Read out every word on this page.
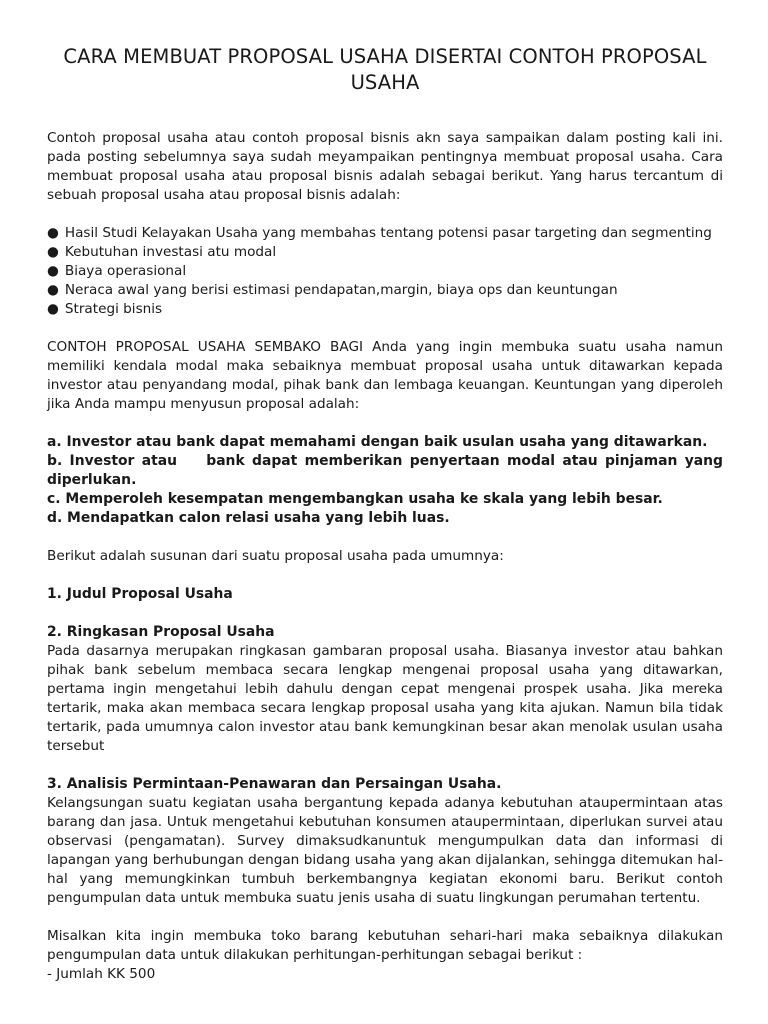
CARA MEMBUAT PROPOSAL USAHA DISERTAI CONTOH PROPOSAL USAHA

Contoh proposal usaha atau contoh proposal bisnis akn saya sampaikan dalam posting kali ini. pada posting sebelumnya saya sudah meyampaikan pentingnya membuat proposal usaha. Cara membuat proposal usaha atau proposal bisnis adalah sebagai berikut. Yang harus tercantum di sebuah proposal usaha atau proposal bisnis adalah:

● Hasil Studi Kelayakan Usaha yang membahas tentang potensi pasar targeting dan segmenting
● Kebutuhan investasi atu modal
● Biaya operasional
● Neraca awal yang berisi estimasi pendapatan,margin, biaya ops dan keuntungan
● Strategi bisnis

CONTOH PROPOSAL USAHA SEMBAKO BAGI Anda yang ingin membuka suatu usaha namun memiliki kendala modal maka sebaiknya membuat proposal usaha untuk ditawarkan kepada investor atau penyandang modal, pihak bank dan lembaga keuangan. Keuntungan yang diperoleh jika Anda mampu menyusun proposal adalah:

a. Investor atau bank dapat memahami dengan baik usulan usaha yang ditawarkan.
b. Investor atau    bank dapat memberikan penyertaan modal atau pinjaman yang diperlukan.
c. Memperoleh kesempatan mengembangkan usaha ke skala yang lebih besar.
d. Mendapatkan calon relasi usaha yang lebih luas.

Berikut adalah susunan dari suatu proposal usaha pada umumnya:

1. Judul Proposal Usaha

2. Ringkasan Proposal Usaha

Pada dasarnya merupakan ringkasan gambaran proposal usaha. Biasanya investor atau bahkan pihak bank sebelum membaca secara lengkap mengenai proposal usaha yang ditawarkan, pertama ingin mengetahui lebih dahulu dengan cepat mengenai prospek usaha. Jika mereka tertarik, maka akan membaca secara lengkap proposal usaha yang kita ajukan. Namun bila tidak tertarik, pada umumnya calon investor atau bank kemungkinan besar akan menolak usulan usaha tersebut

3. Analisis Permintaan-Penawaran dan Persaingan Usaha.

Kelangsungan suatu kegiatan usaha bergantung kepada adanya kebutuhan ataupermintaan atas barang dan jasa. Untuk mengetahui kebutuhan konsumen ataupermintaan, diperlukan survei atau observasi (pengamatan). Survey dimaksudkanuntuk mengumpulkan data dan informasi di lapangan yang berhubungan dengan bidang usaha yang akan dijalankan, sehingga ditemukan hal-hal yang memungkinkan tumbuh berkembangnya kegiatan ekonomi baru. Berikut contoh pengumpulan data untuk membuka suatu jenis usaha di suatu lingkungan perumahan tertentu.

Misalkan kita ingin membuka toko barang kebutuhan sehari-hari maka sebaiknya dilakukan pengumpulan data untuk dilakukan perhitungan-perhitungan sebagai berikut :

- Jumlah KK 500
